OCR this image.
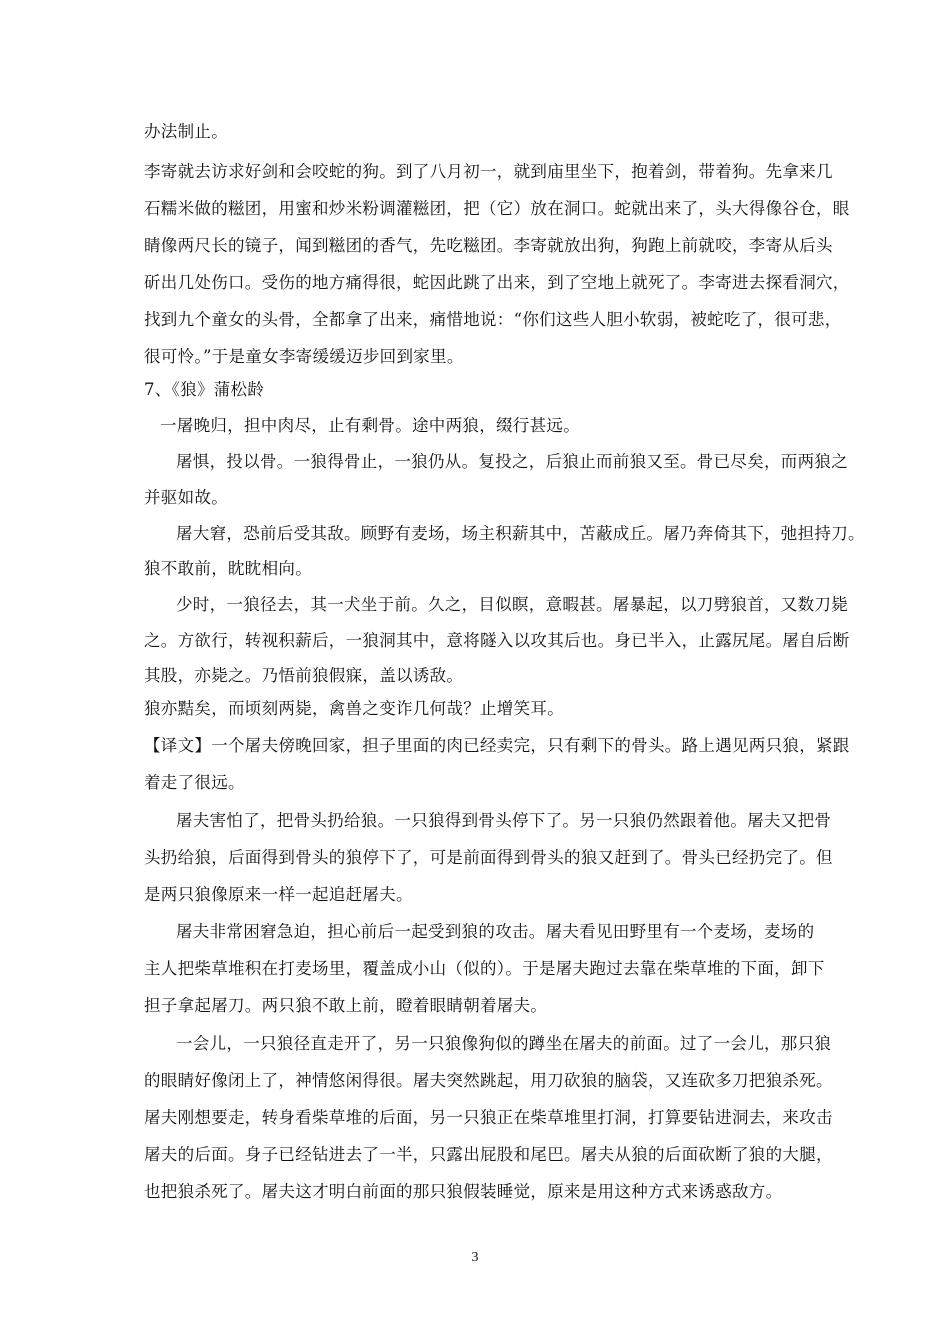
办法制止。
李寄就去访求好剑和会咬蛇的狗。到了八月初一，就到庙里坐下，抱着剑，带着狗。先拿来几
石糯米做的糍团，用蜜和炒米粉调灌糍团，把（它）放在洞口。蛇就出来了，头大得像谷仓，眼
睛像两尺长的镜子，闻到糍团的香气，先吃糍团。李寄就放出狗，狗跑上前就咬，李寄从后头
斫出几处伤口。受伤的地方痛得很，蛇因此跳了出来，到了空地上就死了。李寄进去探看洞穴，
找到九个童女的头骨，全都拿了出来，痛惜地说：“你们这些人胆小软弱，被蛇吃了，很可悲，
很可怜。”于是童女李寄缓缓迈步回到家里。
7、《狼》蒲松龄
一屠晚归，担中肉尽，止有剩骨。途中两狼，缀行甚远。
屠惧，投以骨。一狼得骨止，一狼仍从。复投之，后狼止而前狼又至。骨已尽矣，而两狼之
并驱如故。
屠大窘，恐前后受其敌。顾野有麦场，场主积薪其中，苫蔽成丘。屠乃奔倚其下，弛担持刀。
狼不敢前，眈眈相向。
少时，一狼径去，其一犬坐于前。久之，目似瞑，意暇甚。屠暴起，以刀劈狼首，又数刀毙
之。方欲行，转视积薪后，一狼洞其中，意将隧入以攻其后也。身已半入，止露尻尾。屠自后断
其股，亦毙之。乃悟前狼假寐，盖以诱敌。
狼亦黠矣，而顷刻两毙，禽兽之变诈几何哉？止增笑耳。
【译文】一个屠夫傍晚回家，担子里面的肉已经卖完，只有剩下的骨头。路上遇见两只狼，紧跟
着走了很远。
屠夫害怕了，把骨头扔给狼。一只狼得到骨头停下了。另一只狼仍然跟着他。屠夫又把骨
头扔给狼，后面得到骨头的狼停下了，可是前面得到骨头的狼又赶到了。骨头已经扔完了。但
是两只狼像原来一样一起追赶屠夫。
屠夫非常困窘急迫，担心前后一起受到狼的攻击。屠夫看见田野里有一个麦场，麦场的
主人把柴草堆积在打麦场里，覆盖成小山（似的）。于是屠夫跑过去靠在柴草堆的下面，卸下
担子拿起屠刀。两只狼不敢上前，瞪着眼睛朝着屠夫。
一会儿，一只狼径直走开了，另一只狼像狗似的蹲坐在屠夫的前面。过了一会儿，那只狼
的眼睛好像闭上了，神情悠闲得很。屠夫突然跳起，用刀砍狼的脑袋，又连砍多刀把狼杀死。
屠夫刚想要走，转身看柴草堆的后面，另一只狼正在柴草堆里打洞，打算要钻进洞去，来攻击
屠夫的后面。身子已经钻进去了一半，只露出屁股和尾巴。屠夫从狼的后面砍断了狼的大腿，
也把狼杀死了。屠夫这才明白前面的那只狼假装睡觉，原来是用这种方式来诱惑敌方。
3
